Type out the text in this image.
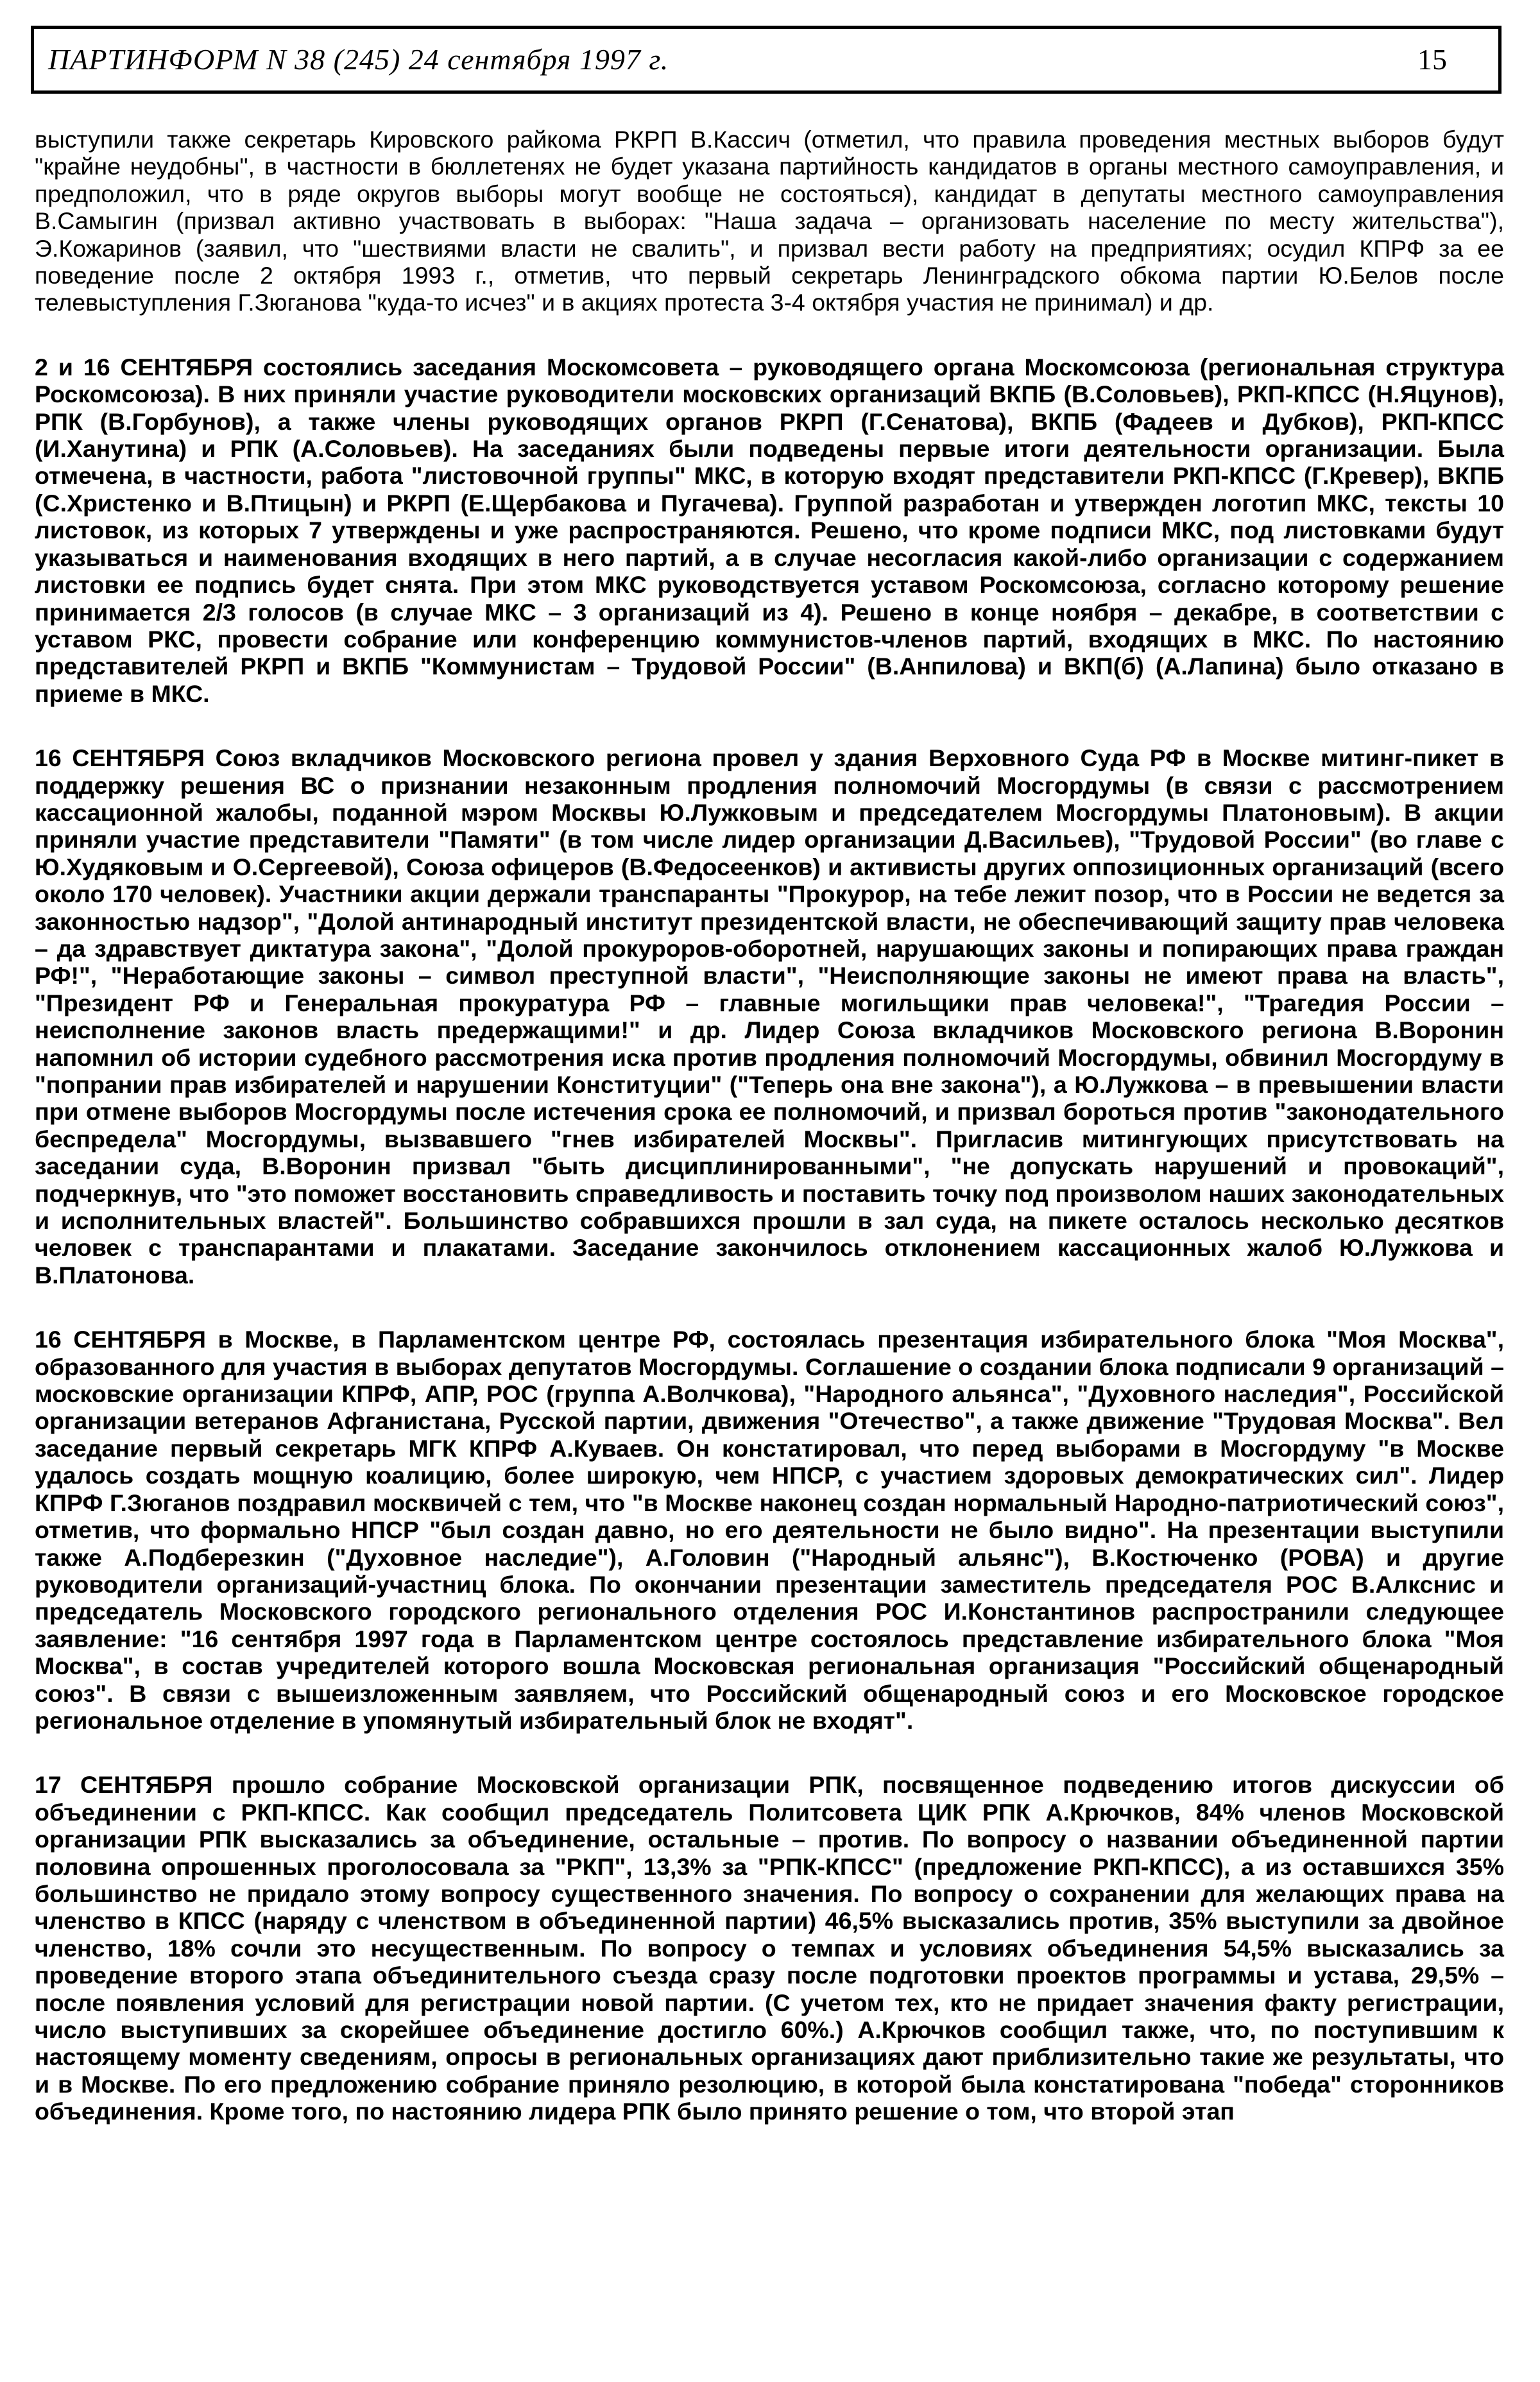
ПАРТИНФОРМ N 38 (245) 24 сентября 1997 г.	15

выступили также секретарь Кировского райкома РКРП В.Кассич (отметил, что правила проведения местных выборов будут "крайне неудобны", в частности в бюллетенях не будет указана партийность кандидатов в органы местного самоуправления, и предположил, что в ряде округов выборы могут вообще не состояться), кандидат в депутаты местного самоуправления В.Самыгин (призвал активно участвовать в выборах: "Наша задача – организовать население по месту жительства"), Э.Кожаринов (заявил, что "шествиями власти не свалить", и призвал вести работу на предприятиях; осудил КПРФ за ее поведение после 2 октября 1993 г., отметив, что первый секретарь Ленинградского обкома партии Ю.Белов после телевыступления Г.Зюганова "куда-то исчез" и в акциях протеста 3-4 октября участия не принимал) и др.

2 и 16 СЕНТЯБРЯ состоялись заседания Москомсовета – руководящего органа Москомсоюза (региональная структура Роскомсоюза). В них приняли участие руководители московских организаций ВКПБ (В.Соловьев), РКП-КПСС (Н.Яцунов), РПК (В.Горбунов), а также члены руководящих органов РКРП (Г.Сенатова), ВКПБ (Фадеев и Дубков), РКП-КПСС (И.Ханутина) и РПК (А.Соловьев). На заседаниях были подведены первые итоги деятельности организации. Была отмечена, в частности, работа "листовочной группы" МКС, в которую входят представители РКП-КПСС (Г.Кревер), ВКПБ (С.Христенко и В.Птицын) и РКРП (Е.Щербакова и Пугачева). Группой разработан и утвержден логотип МКС, тексты 10 листовок, из которых 7 утверждены и уже распространяются. Решено, что кроме подписи МКС, под листовками будут указываться и наименования входящих в него партий, а в случае несогласия какой-либо организации с содержанием листовки ее подпись будет снята. При этом МКС руководствуется уставом Роскомсоюза, согласно которому решение принимается 2/3 голосов (в случае МКС – 3 организаций из 4). Решено в конце ноября – декабре, в соответствии с уставом РКС, провести собрание или конференцию коммунистов-членов партий, входящих в МКС. По настоянию представителей РКРП и ВКПБ "Коммунистам – Трудовой России" (В.Анпилова) и ВКП(б) (А.Лапина) было отказано в приеме в МКС.

16 СЕНТЯБРЯ Союз вкладчиков Московского региона провел у здания Верховного Суда РФ в Москве митинг-пикет в поддержку решения ВС о признании незаконным продления полномочий Мосгордумы (в связи с рассмотрением кассационной жалобы, поданной мэром Москвы Ю.Лужковым и председателем Мосгордумы Платоновым). В акции приняли участие представители "Памяти" (в том числе лидер организации Д.Васильев), "Трудовой России" (во главе с Ю.Худяковым и О.Сергеевой), Союза офицеров (В.Федосеенков) и активисты других оппозиционных организаций (всего около 170 человек). Участники акции держали транспаранты "Прокурор, на тебе лежит позор, что в России не ведется за законностью надзор", "Долой антинародный институт президентской власти, не обеспечивающий защиту прав человека – да здравствует диктатура закона", "Долой прокуроров-оборотней, нарушающих законы и попирающих права граждан РФ!", "Неработающие законы – символ преступной власти", "Неисполняющие законы не имеют права на власть", "Президент РФ и Генеральная прокуратура РФ – главные могильщики прав человека!", "Трагедия России – неисполнение законов власть предержащими!" и др. Лидер Союза вкладчиков Московского региона В.Воронин напомнил об истории судебного рассмотрения иска против продления полномочий Мосгордумы, обвинил Мосгордуму в "попрании прав избирателей и нарушении Конституции" ("Теперь она вне закона"), а Ю.Лужкова – в превышении власти при отмене выборов Мосгордумы после истечения срока ее полномочий, и призвал бороться против "законодательного беспредела" Мосгордумы, вызвавшего "гнев избирателей Москвы". Пригласив митингующих присутствовать на заседании суда, В.Воронин призвал "быть дисциплинированными", "не допускать нарушений и провокаций", подчеркнув, что "это поможет восстановить справедливость и поставить точку под произволом наших законодательных и исполнительных властей". Большинство собравшихся прошли в зал суда, на пикете осталось несколько десятков человек с транспарантами и плакатами. Заседание закончилось отклонением кассационных жалоб Ю.Лужкова и В.Платонова.

16 СЕНТЯБРЯ в Москве, в Парламентском центре РФ, состоялась презентация избирательного блока "Моя Москва", образованного для участия в выборах депутатов Мосгордумы. Соглашение о создании блока подписали 9 организаций – московские организации КПРФ, АПР, РОС (группа А.Волчкова), "Народного альянса", "Духовного наследия", Российской организации ветеранов Афганистана, Русской партии, движения "Отечество", а также движение "Трудовая Москва". Вел заседание первый секретарь МГК КПРФ А.Куваев. Он констатировал, что перед выборами в Мосгордуму "в Москве удалось создать мощную коалицию, более широкую, чем НПСР, с участием здоровых демократических сил". Лидер КПРФ Г.Зюганов поздравил москвичей с тем, что "в Москве наконец создан нормальный Народно-патриотический союз", отметив, что формально НПСР "был создан давно, но его деятельности не было видно". На презентации выступили также А.Подберезкин ("Духовное наследие"), А.Головин ("Народный альянс"), В.Костюченко (РОВА) и другие руководители организаций-участниц блока. По окончании презентации заместитель председателя РОС В.Алкснис и председатель Московского городского регионального отделения РОС И.Константинов распространили следующее заявление: "16 сентября 1997 года в Парламентском центре состоялось представление избирательного блока "Моя Москва", в состав учредителей которого вошла Московская региональная организация "Российский общенародный союз". В связи с вышеизложенным заявляем, что Российский общенародный союз и его Московское городское региональное отделение в упомянутый избирательный блок не входят".

17 СЕНТЯБРЯ прошло собрание Московской организации РПК, посвященное подведению итогов дискуссии об объединении с РКП-КПСС. Как сообщил председатель Политсовета ЦИК РПК А.Крючков, 84% членов Московской организации РПК высказались за объединение, остальные – против. По вопросу о названии объединенной партии половина опрошенных проголосовала за "РКП", 13,3% за "РПК-КПСС" (предложение РКП-КПСС), а из оставшихся 35% большинство не придало этому вопросу существенного значения. По вопросу о сохранении для желающих права на членство в КПСС (наряду с членством в объединенной партии) 46,5% высказались против, 35% выступили за двойное членство, 18% сочли это несущественным. По вопросу о темпах и условиях объединения 54,5% высказались за проведение второго этапа объединительного съезда сразу после подготовки проектов программы и устава, 29,5% – после появления условий для регистрации новой партии. (С учетом тех, кто не придает значения факту регистрации, число выступивших за скорейшее объединение достигло 60%.) А.Крючков сообщил также, что, по поступившим к настоящему моменту сведениям, опросы в региональных организациях дают приблизительно такие же результаты, что и в Москве. По его предложению собрание приняло резолюцию, в которой была констатирована "победа" сторонников объединения. Кроме того, по настоянию лидера РПК было принято решение о том, что второй этап
